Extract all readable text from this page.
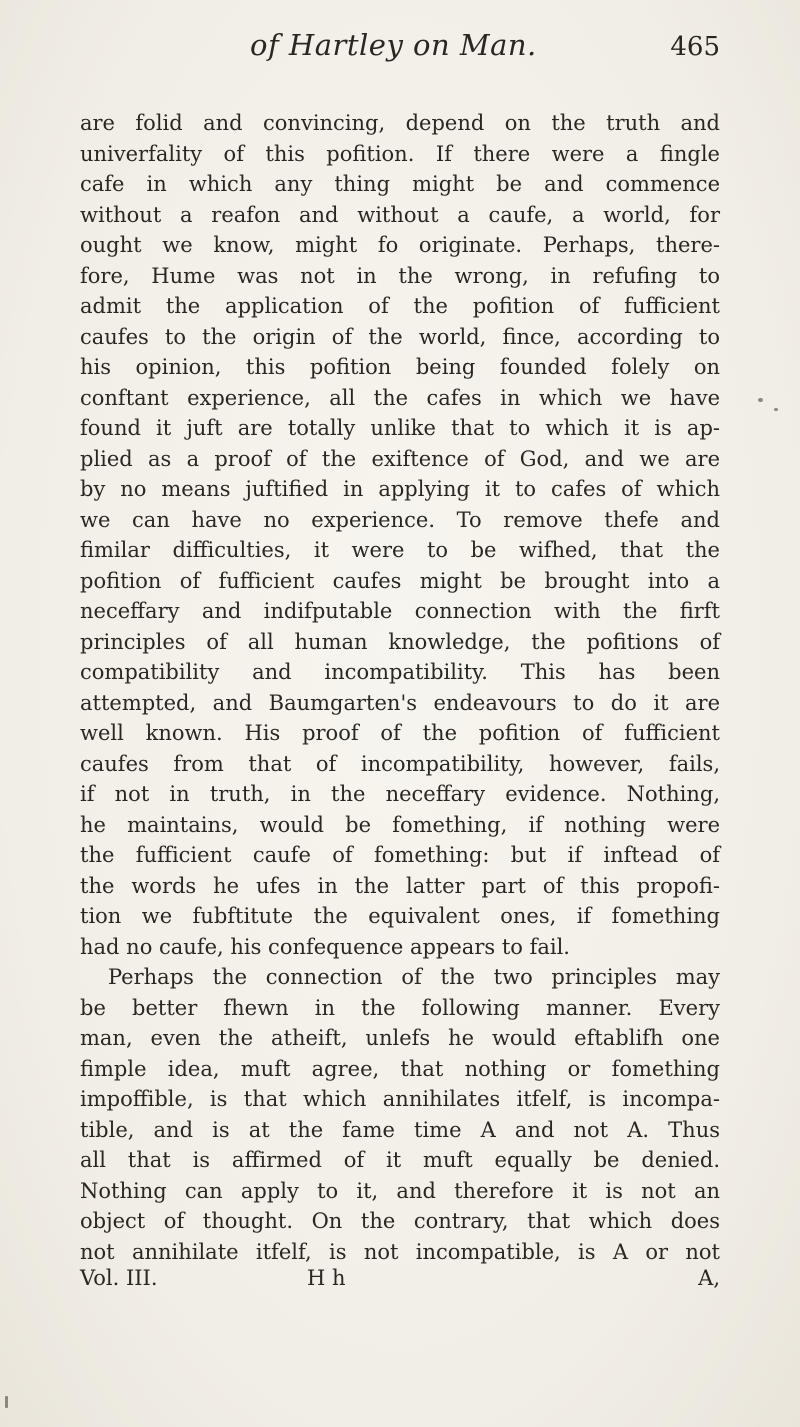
of Hartley on Man.	465
are folid and convincing, depend on the truth and
univerfality of this pofition. If there were a fingle
cafe in which any thing might be and commence
without a reafon and without a caufe, a world, for
ought we know, might fo originate. Perhaps, there-
fore, Hume was not in the wrong, in refufing to
admit the application of the pofition of fufficient
caufes to the origin of the world, fince, according to
his opinion, this pofition being founded folely on
conftant experience, all the cafes in which we have
found it juft are totally unlike that to which it is ap-
plied as a proof of the exiftence of God, and we are
by no means juftified in applying it to cafes of which
we can have no experience. To remove thefe and
fimilar difficulties, it were to be wifhed, that the
pofition of fufficient caufes might be brought into a
neceffary and indifputable connection with the firft
principles of all human knowledge, the pofitions of
compatibility and incompatibility. This has been
attempted, and Baumgarten's endeavours to do it are
well known. His proof of the pofition of fufficient
caufes from that of incompatibility, however, fails,
if not in truth, in the neceffary evidence. Nothing,
he maintains, would be fomething, if nothing were
the fufficient caufe of fomething: but if inftead of
the words he ufes in the latter part of this propofi-
tion we fubftitute the equivalent ones, if fomething
had no caufe, his confequence appears to fail.
Perhaps the connection of the two principles may
be better fhewn in the following manner. Every
man, even the atheift, unlefs he would eftablifh one
fimple idea, muft agree, that nothing or fomething
impoffible, is that which annihilates itfelf, is incompa-
tible, and is at the fame time A and not A. Thus
all that is affirmed of it muft equally be denied.
Nothing can apply to it, and therefore it is not an
object of thought. On the contrary, that which does
not annihilate itfelf, is not incompatible, is A or not
Vol. III.	H h	A,
